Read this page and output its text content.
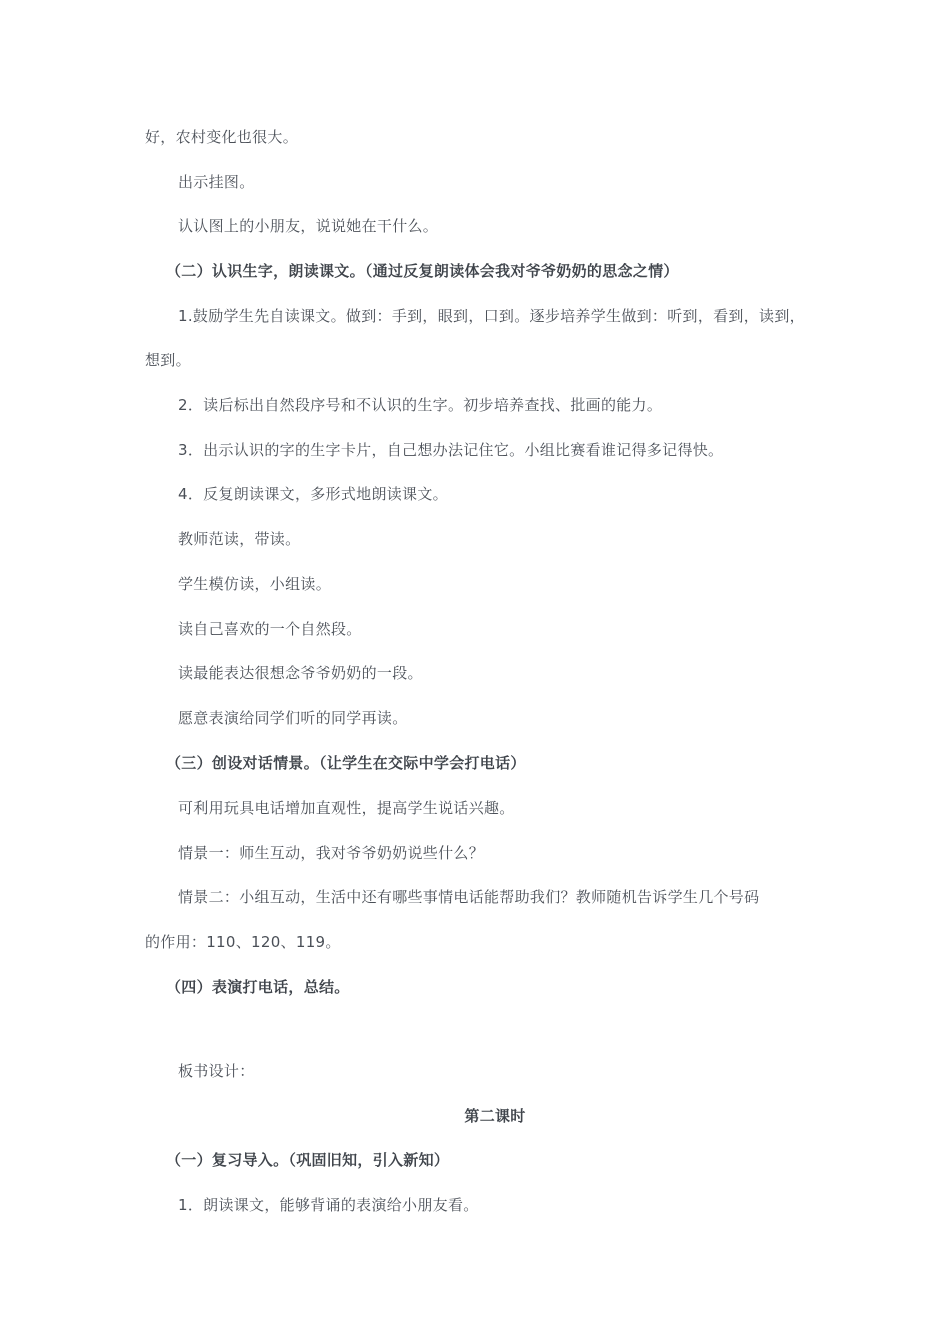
好，农村变化也很大。
出示挂图。
认认图上的小朋友，说说她在干什么。
（二）认识生字，朗读课文。（通过反复朗读体会我对爷爷奶奶的思念之情）
1.鼓励学生先自读课文。做到：手到，眼到，口到。逐步培养学生做到：听到，看到，读到，
想到。
2．读后标出自然段序号和不认识的生字。初步培养查找、批画的能力。
3．出示认识的字的生字卡片，自己想办法记住它。小组比赛看谁记得多记得快。
4．反复朗读课文，多形式地朗读课文。
教师范读，带读。
学生模仿读，小组读。
读自己喜欢的一个自然段。
读最能表达很想念爷爷奶奶的一段。
愿意表演给同学们听的同学再读。
（三）创设对话情景。（让学生在交际中学会打电话）
可利用玩具电话增加直观性，提高学生说话兴趣。
情景一：师生互动，我对爷爷奶奶说些什么？
情景二：小组互动，生活中还有哪些事情电话能帮助我们？教师随机告诉学生几个号码
的作用：110、120、119。
（四）表演打电话，总结。
板书设计：
第二课时
（一）复习导入。（巩固旧知，引入新知）
1．朗读课文，能够背诵的表演给小朋友看。
